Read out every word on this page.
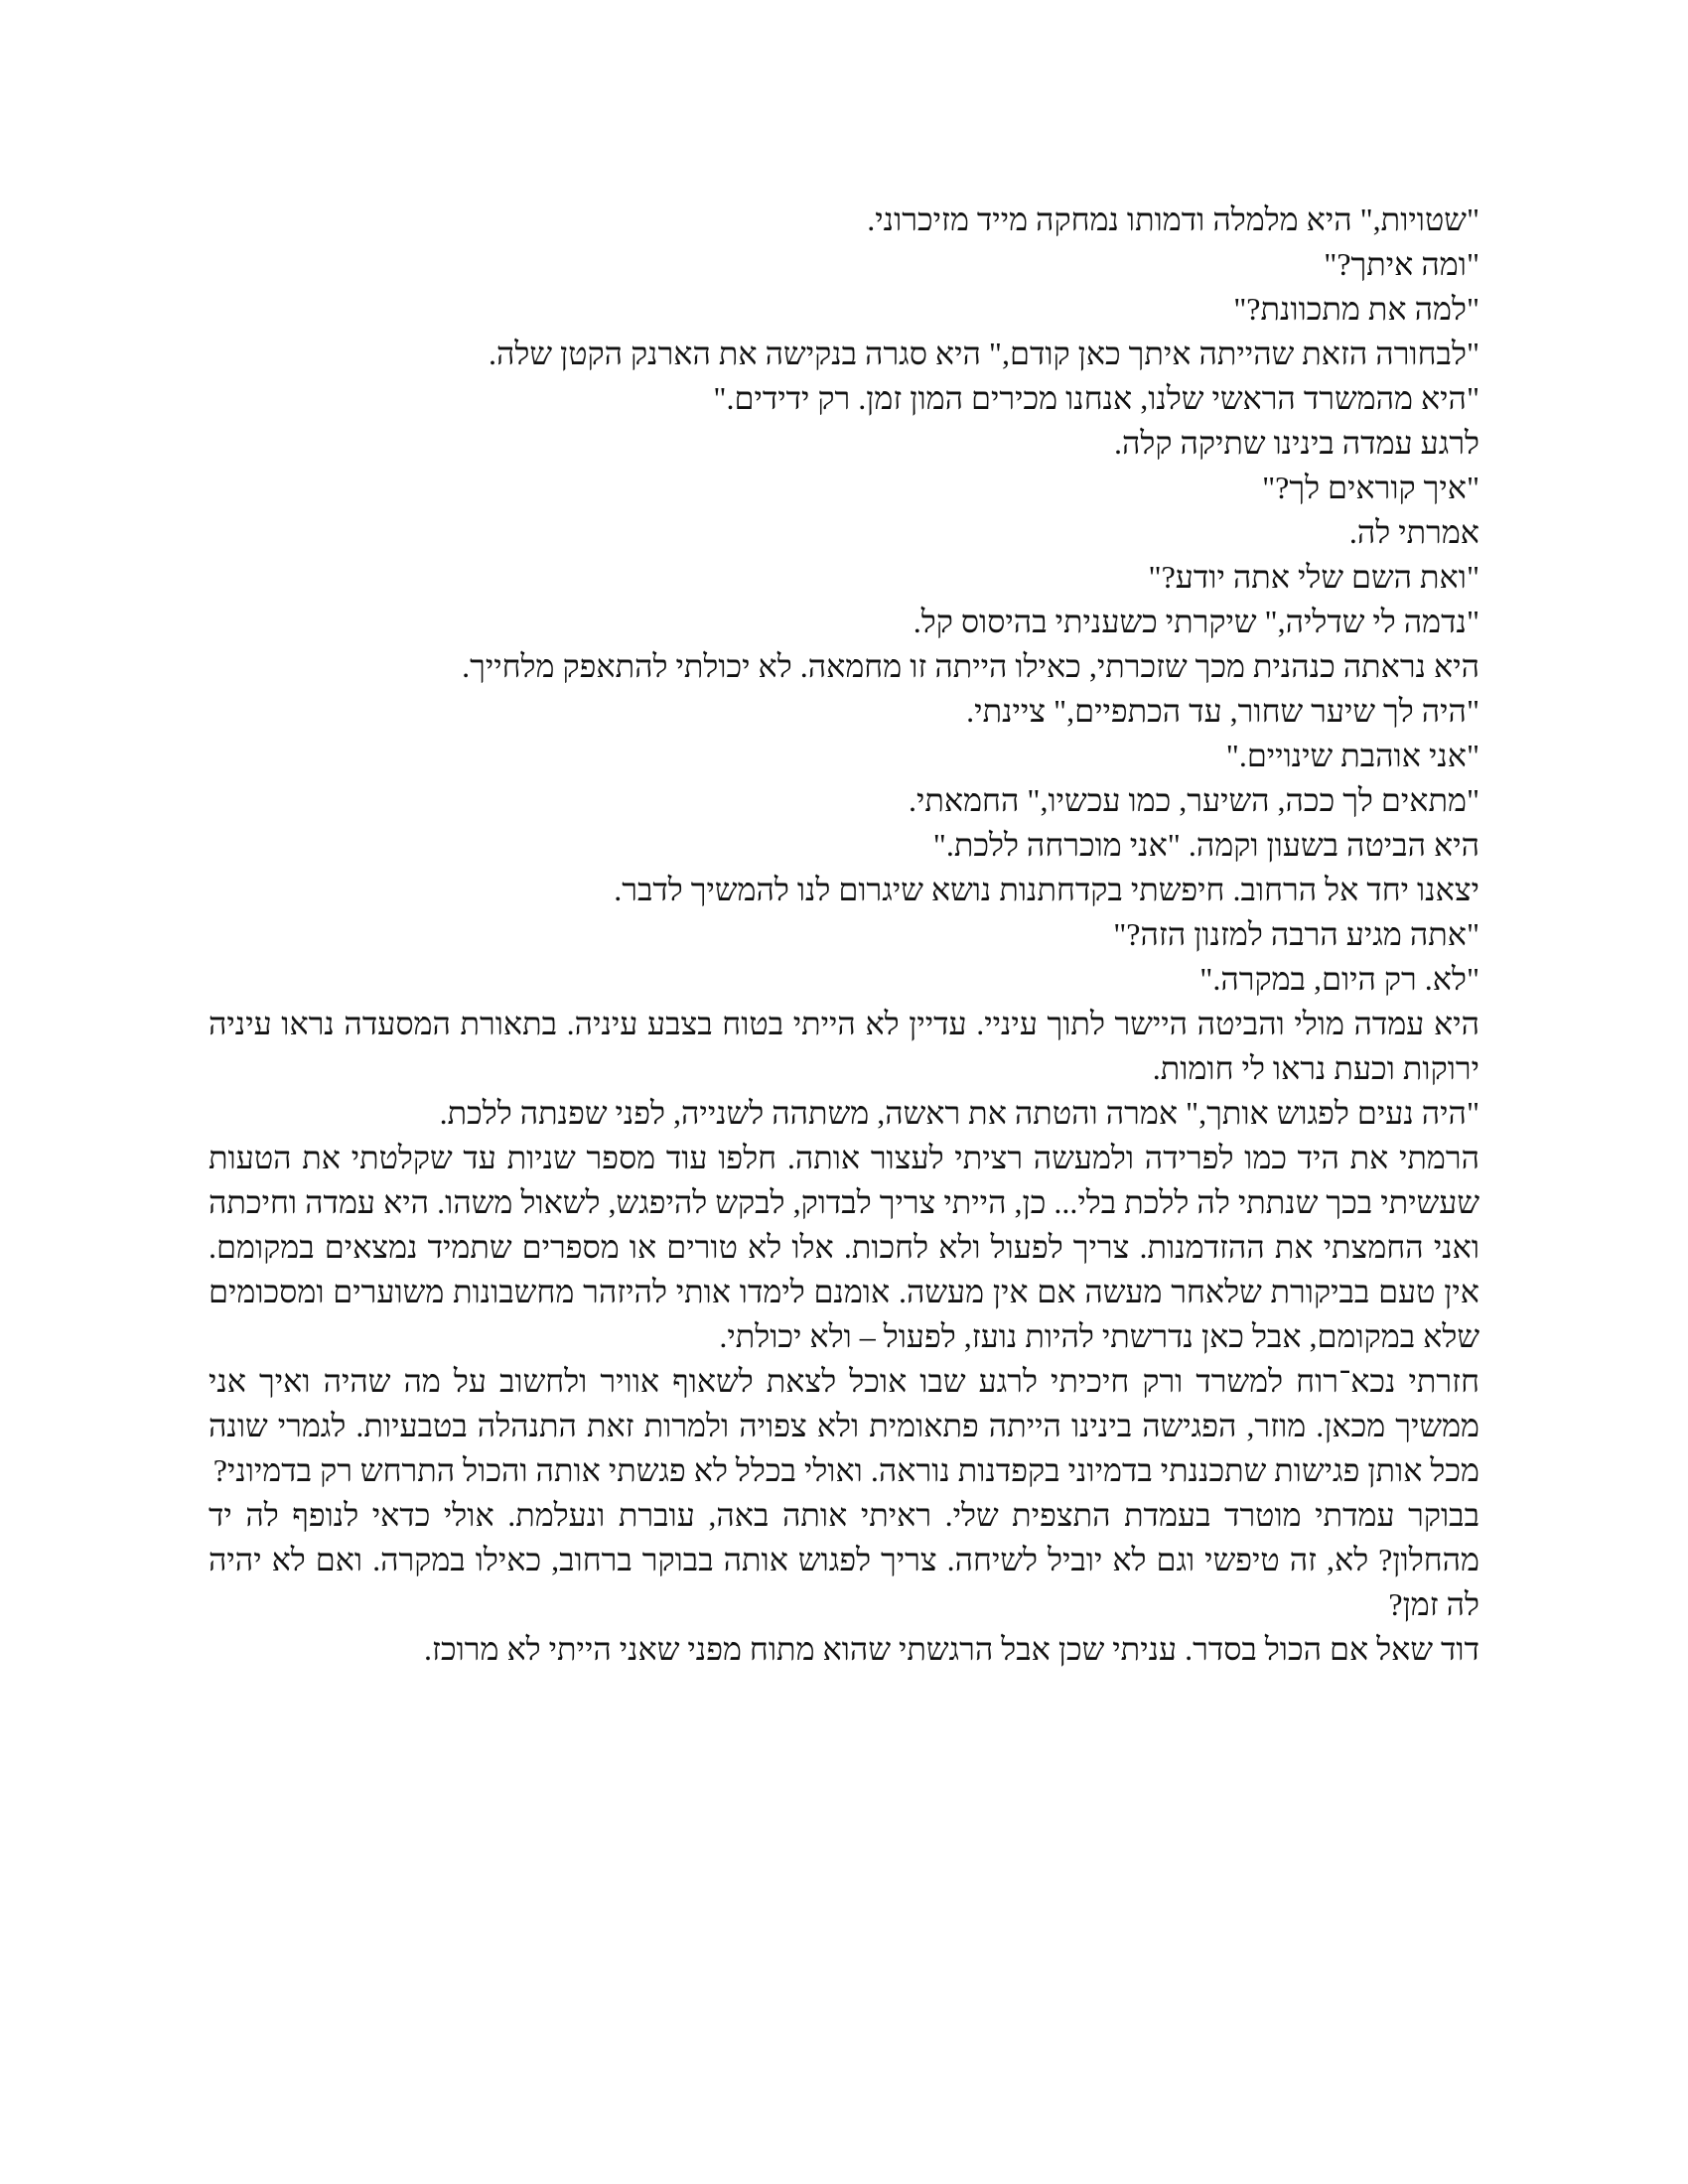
"שטויות," היא מלמלה ודמותו נמחקה מייד מזיכרוני.

"ומה איתך?"

"למה את מתכוונת?"

"לבחורה הזאת שהייתה איתך כאן קודם," היא סגרה בנקישה את הארנק הקטן שלה.

"היא מהמשרד הראשי שלנו, אנחנו מכירים המון זמן. רק ידידים."

לרגע עמדה בינינו שתיקה קלה.

"איך קוראים לך?"

אמרתי לה.

"ואת השם שלי אתה יודע?"

"נדמה לי שדליה," שיקרתי כשעניתי בהיסוס קל.

היא נראתה כנהנית מכך שזכרתי, כאילו הייתה זו מחמאה. לא יכולתי להתאפק מלחייך.

"היה לך שיער שחור, עד הכתפיים," ציינתי.

"אני אוהבת שינויים."

"מתאים לך ככה, השיער, כמו עכשיו," החמאתי.

היא הביטה בשעון וקמה. "אני מוכרחה ללכת."

יצאנו יחד אל הרחוב. חיפשתי בקדחתנות נושא שיגרום לנו להמשיך לדבר.

"אתה מגיע הרבה למזנון הזה?"

"לא. רק היום, במקרה."

היא עמדה מולי והביטה היישר לתוך עיניי. עדיין לא הייתי בטוח בצבע עיניה. בתאורת המסעדה נראו עיניה ירוקות וכעת נראו לי חומות.

"היה נעים לפגוש אותך," אמרה והטתה את ראשה, משתהה לשנייה, לפני שפנתה ללכת.

הרמתי את היד כמו לפרידה ולמעשה רציתי לעצור אותה. חלפו עוד מספר שניות עד שקלטתי את הטעות שעשיתי בכך שנתתי לה ללכת בלי... כן, הייתי צריך לבדוק, לבקש להיפגש, לשאול משהו. היא עמדה וחיכתה ואני החמצתי את ההזדמנות. צריך לפעול ולא לחכות. אלו לא טורים או מספרים שתמיד נמצאים במקומם. אין טעם בביקורת שלאחר מעשה אם אין מעשה. אומנם לימדו אותי להיזהר מחשבונות משוערים ומסכומים שלא במקומם, אבל כאן נדרשתי להיות נועז, לפעול – ולא יכולתי.

חזרתי נכא־רוח למשרד ורק חיכיתי לרגע שבו אוכל לצאת לשאוף אוויר ולחשוב על מה שהיה ואיך אני ממשיך מכאן. מוזר, הפגישה בינינו הייתה פתאומית ולא צפויה ולמרות זאת התנהלה בטבעיות. לגמרי שונה מכל אותן פגישות שתכננתי בדמיוני בקפדנות נוראה. ואולי בכלל לא פגשתי אותה והכול התרחש רק בדמיוני?

בבוקר עמדתי מוטרד בעמדת התצפית שלי. ראיתי אותה באה, עוברת ונעלמת. אולי כדאי לנופף לה יד מהחלון? לא, זה טיפשי וגם לא יוביל לשיחה. צריך לפגוש אותה בבוקר ברחוב, כאילו במקרה. ואם לא יהיה לה זמן?

דוד שאל אם הכול בסדר. עניתי שכן אבל הרגשתי שהוא מתוח מפני שאני הייתי לא מרוכז.
